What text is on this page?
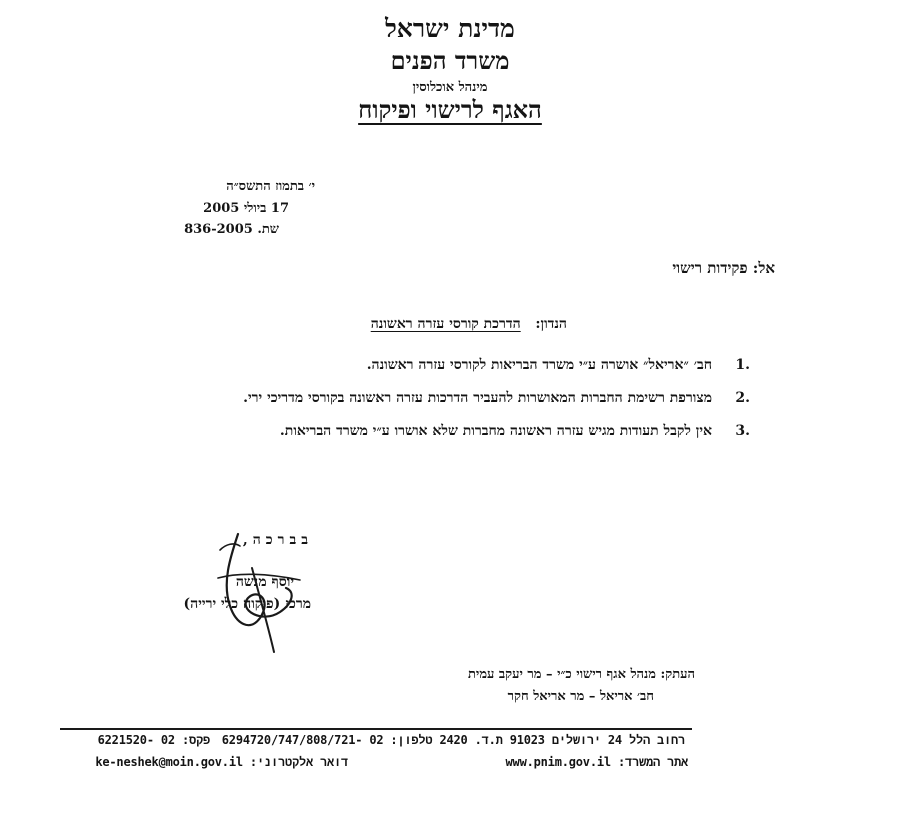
מדינת ישראל
משרד הפנים
מינהל אוכלוסין
האגף לרישוי ופיקוח
י׳ בתמוז התשס״ה
17 ביולי 2005
שת. 836-2005
אל: פקידות רישוי
הנדון:   הדרכת קורסי עזרה ראשונה
.1
חב׳ ״אריאל״ אושרה ע״י משרד הבריאות לקורסי עזרה ראשונה.
.2
מצורפת רשימת החברות המאושרות להעביר הדרכות עזרה ראשונה בקורסי מדריכי ירי.
.3
אין לקבל תעודות מגיש עזרה ראשונה מחברות שלא אושרו ע״י משרד הבריאות.
בברכה,
יוסף מנשה
מרכז (פיקוח כלי ירייה)
העתק: מנהל אגף רישוי כ״י – מר יעקב עמית
חב׳ אריאל – מר אריאל חקר
רחוב הלל 24 ירושלים 91023 ת.ד. 2420 טלפון: 02 -6294720/747/808/721
פקס: 02 -6221520
אתר המשרד: www.pnim.gov.il
דואר אלקטרוני: ke-neshek@moin.gov.il
